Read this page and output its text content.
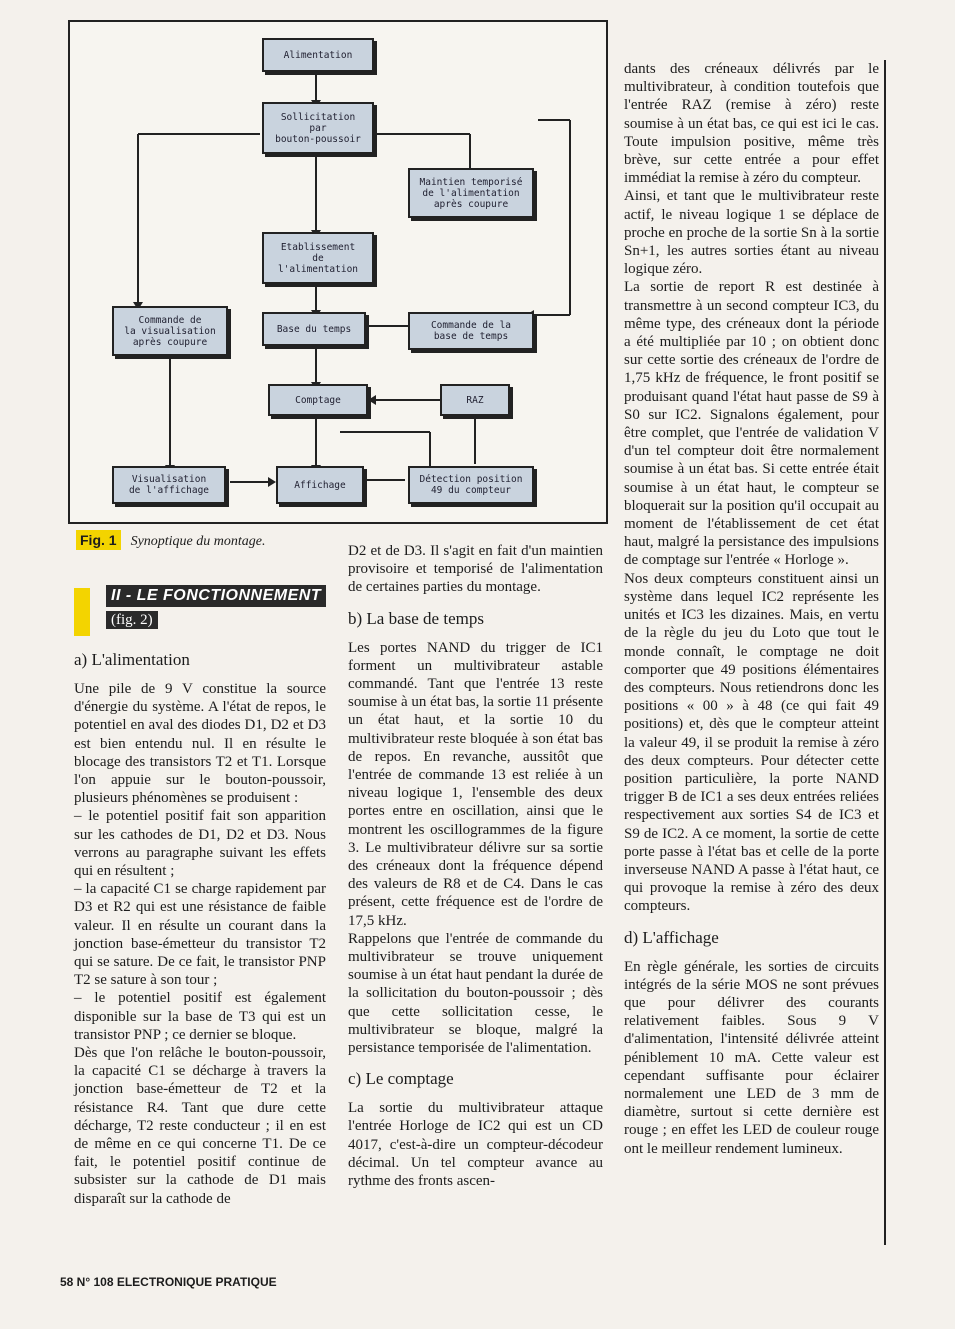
Alimentation
Sollicitation
par
bouton-poussoir
Maintien temporisé
de l'alimentation
après coupure
Etablissement
de
l'alimentation
Commande de
la visualisation
après coupure
Base du temps	Commande de la
base de temps
Comptage	RAZ
Visualisation
de l'affichage	Affichage	Détection position
49 du compteur
Fig. 1 Synoptique du montage.
II - LE FONCTIONNEMENT
(fig. 2)
a) L'alimentation

Une pile de 9 V constitue la source d'énergie du système. A l'état de repos, le potentiel en aval des diodes D1, D2 et D3 est bien entendu nul. Il en résulte le blocage des transistors T2 et T1. Lorsque l'on appuie sur le bouton-poussoir, plusieurs phénomènes se produisent :

– le potentiel positif fait son apparition sur les cathodes de D1, D2 et D3. Nous verrons au paragraphe suivant les effets qui en résultent ;

– la capacité C1 se charge rapidement par D3 et R2 qui est une résistance de faible valeur. Il en résulte un courant dans la jonction base-émetteur du transistor T2 qui se sature. De ce fait, le transistor PNP T2 se sature à son tour ;

– le potentiel positif est également disponible sur la base de T3 qui est un transistor PNP ; ce dernier se bloque.

Dès que l'on relâche le bouton-poussoir, la capacité C1 se décharge à travers la jonction base-émetteur de T2 et la résistance R4. Tant que dure cette décharge, T2 reste conducteur ; il en est de même en ce qui concerne T1. De ce fait, le potentiel positif continue de subsister sur la cathode de D1 mais disparaît sur la cathode de

D2 et de D3. Il s'agit en fait d'un maintien provisoire et temporisé de l'alimentation de certaines parties du montage.

b) La base de temps

Les portes NAND du trigger de IC1 forment un multivibrateur astable commandé. Tant que l'entrée 13 reste soumise à un état bas, la sortie 11 présente un état haut, et la sortie 10 du multivibrateur reste bloquée à son état bas de repos. En revanche, aussitôt que l'entrée de commande 13 est reliée à un niveau logique 1, l'ensemble des deux portes entre en oscillation, ainsi que le montrent les oscillogrammes de la figure 3. Le multivibrateur délivre sur sa sortie des créneaux dont la fréquence dépend des valeurs de R8 et de C4. Dans le cas présent, cette fréquence est de l'ordre de 17,5 kHz.

Rappelons que l'entrée de commande du multivibrateur se trouve uniquement soumise à un état haut pendant la durée de la sollicitation du bouton-poussoir ; dès que cette sollicitation cesse, le multivibrateur se bloque, malgré la persistance temporisée de l'alimentation.

c) Le comptage

La sortie du multivibrateur attaque l'entrée Horloge de IC2 qui est un CD 4017, c'est-à-dire un compteur-décodeur décimal. Un tel compteur avance au rythme des fronts ascen-

dants des créneaux délivrés par le multivibrateur, à condition toutefois que l'entrée RAZ (remise à zéro) reste soumise à un état bas, ce qui est ici le cas. Toute impulsion positive, même très brève, sur cette entrée a pour effet immédiat la remise à zéro du compteur.

Ainsi, et tant que le multivibrateur reste actif, le niveau logique 1 se déplace de proche en proche de la sortie Sn à la sortie Sn+1, les autres sorties étant au niveau logique zéro.

La sortie de report R est destinée à transmettre à un second compteur IC3, du même type, des créneaux dont la période a été multipliée par 10 ; on obtient donc sur cette sortie des créneaux de l'ordre de 1,75 kHz de fréquence, le front positif se produisant quand l'état haut passe de S9 à S0 sur IC2. Signalons également, pour être complet, que l'entrée de validation V d'un tel compteur doit être normalement soumise à un état bas. Si cette entrée était soumise à un état haut, le compteur se bloquerait sur la position qu'il occupait au moment de l'établissement de cet état haut, malgré la persistance des impulsions de comptage sur l'entrée « Horloge ».

Nos deux compteurs constituent ainsi un système dans lequel IC2 représente les unités et IC3 les dizaines. Mais, en vertu de la règle du jeu du Loto que tout le monde connaît, le comptage ne doit comporter que 49 positions élémentaires des compteurs. Nous retiendrons donc les positions « 00 » à 48 (ce qui fait 49 positions) et, dès que le compteur atteint la valeur 49, il se produit la remise à zéro des deux compteurs. Pour détecter cette position particulière, la porte NAND trigger B de IC1 a ses deux entrées reliées respectivement aux sorties S4 de IC3 et S9 de IC2. A ce moment, la sortie de cette porte passe à l'état bas et celle de la porte inverseuse NAND A passe à l'état haut, ce qui provoque la remise à zéro des deux compteurs.

d) L'affichage

En règle générale, les sorties de circuits intégrés de la série MOS ne sont prévues que pour délivrer des courants relativement faibles. Sous 9 V d'alimentation, l'intensité délivrée atteint péniblement 10 mA. Cette valeur est cependant suffisante pour éclairer normalement une LED de 3 mm de diamètre, surtout si cette dernière est rouge ; en effet les LED de couleur rouge ont le meilleur rendement lumineux.

58 N° 108 ELECTRONIQUE PRATIQUE
